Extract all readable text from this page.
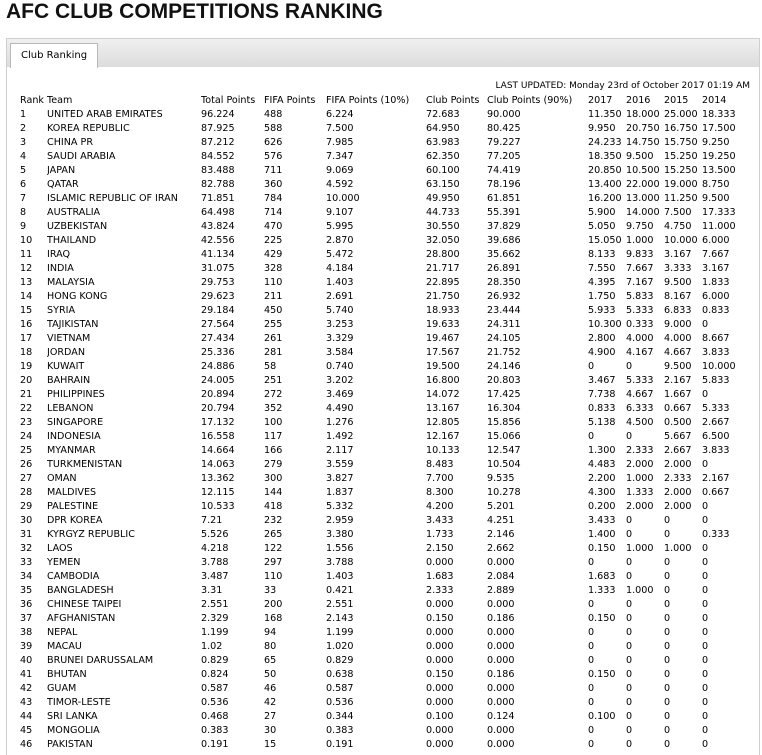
AFC CLUB COMPETITIONS RANKING
Club Ranking
LAST UPDATED: Monday 23rd of October 2017 01:19 AM
Rank	Team	Total Points	FIFA Points	FIFA Points (10%)	Club Points	Club Points (90%)	2017	2016	2015	2014
1	UNITED ARAB EMIRATES	96.224	488	6.224	72.683	90.000	11.350	18.000	25.000	18.333
2	KOREA REPUBLIC	87.925	588	7.500	64.950	80.425	9.950	20.750	16.750	17.500
3	CHINA PR	87.212	626	7.985	63.983	79.227	24.233	14.750	15.750	9.250
4	SAUDI ARABIA	84.552	576	7.347	62.350	77.205	18.350	9.500	15.250	19.250
5	JAPAN	83.488	711	9.069	60.100	74.419	20.850	10.500	15.250	13.500
6	QATAR	82.788	360	4.592	63.150	78.196	13.400	22.000	19.000	8.750
7	ISLAMIC REPUBLIC OF IRAN	71.851	784	10.000	49.950	61.851	16.200	13.000	11.250	9.500
8	AUSTRALIA	64.498	714	9.107	44.733	55.391	5.900	14.000	7.500	17.333
9	UZBEKISTAN	43.824	470	5.995	30.550	37.829	5.050	9.750	4.750	11.000
10	THAILAND	42.556	225	2.870	32.050	39.686	15.050	1.000	10.000	6.000
11	IRAQ	41.134	429	5.472	28.800	35.662	8.133	9.833	3.167	7.667
12	INDIA	31.075	328	4.184	21.717	26.891	7.550	7.667	3.333	3.167
13	MALAYSIA	29.753	110	1.403	22.895	28.350	4.395	7.167	9.500	1.833
14	HONG KONG	29.623	211	2.691	21.750	26.932	1.750	5.833	8.167	6.000
15	SYRIA	29.184	450	5.740	18.933	23.444	5.933	5.333	6.833	0.833
16	TAJIKISTAN	27.564	255	3.253	19.633	24.311	10.300	0.333	9.000	0
17	VIETNAM	27.434	261	3.329	19.467	24.105	2.800	4.000	4.000	8.667
18	JORDAN	25.336	281	3.584	17.567	21.752	4.900	4.167	4.667	3.833
19	KUWAIT	24.886	58	0.740	19.500	24.146	0	0	9.500	10.000
20	BAHRAIN	24.005	251	3.202	16.800	20.803	3.467	5.333	2.167	5.833
21	PHILIPPINES	20.894	272	3.469	14.072	17.425	7.738	4.667	1.667	0
22	LEBANON	20.794	352	4.490	13.167	16.304	0.833	6.333	0.667	5.333
23	SINGAPORE	17.132	100	1.276	12.805	15.856	5.138	4.500	0.500	2.667
24	INDONESIA	16.558	117	1.492	12.167	15.066	0	0	5.667	6.500
25	MYANMAR	14.664	166	2.117	10.133	12.547	1.300	2.333	2.667	3.833
26	TURKMENISTAN	14.063	279	3.559	8.483	10.504	4.483	2.000	2.000	0
27	OMAN	13.362	300	3.827	7.700	9.535	2.200	1.000	2.333	2.167
28	MALDIVES	12.115	144	1.837	8.300	10.278	4.300	1.333	2.000	0.667
29	PALESTINE	10.533	418	5.332	4.200	5.201	0.200	2.000	2.000	0
30	DPR KOREA	7.21	232	2.959	3.433	4.251	3.433	0	0	0
31	KYRGYZ REPUBLIC	5.526	265	3.380	1.733	2.146	1.400	0	0	0.333
32	LAOS	4.218	122	1.556	2.150	2.662	0.150	1.000	1.000	0
33	YEMEN	3.788	297	3.788	0.000	0.000	0	0	0	0
34	CAMBODIA	3.487	110	1.403	1.683	2.084	1.683	0	0	0
35	BANGLADESH	3.31	33	0.421	2.333	2.889	1.333	1.000	0	0
36	CHINESE TAIPEI	2.551	200	2.551	0.000	0.000	0	0	0	0
37	AFGHANISTAN	2.329	168	2.143	0.150	0.186	0.150	0	0	0
38	NEPAL	1.199	94	1.199	0.000	0.000	0	0	0	0
39	MACAU	1.02	80	1.020	0.000	0.000	0	0	0	0
40	BRUNEI DARUSSALAM	0.829	65	0.829	0.000	0.000	0	0	0	0
41	BHUTAN	0.824	50	0.638	0.150	0.186	0.150	0	0	0
42	GUAM	0.587	46	0.587	0.000	0.000	0	0	0	0
43	TIMOR-LESTE	0.536	42	0.536	0.000	0.000	0	0	0	0
44	SRI LANKA	0.468	27	0.344	0.100	0.124	0.100	0	0	0
45	MONGOLIA	0.383	30	0.383	0.000	0.000	0	0	0	0
46	PAKISTAN	0.191	15	0.191	0.000	0.000	0	0	0	0
